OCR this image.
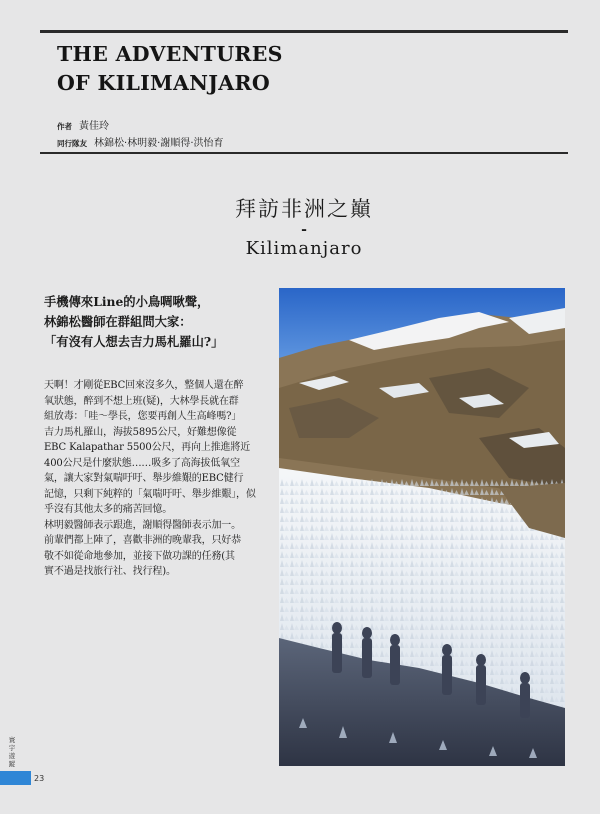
THE ADVENTURES
OF KILIMANJARO
作者 黃佳玲
同行隊友 林錦松‧林明毅‧謝順得‧洪怡育
拜訪非洲之巔
-
Kilimanjaro
手機傳來Line的小鳥啁啾聲，
林錦松醫師在群組問大家：
「有沒有人想去吉力馬札羅山?」
天啊！才剛從EBC回來沒多久，整個人還在醉
氧狀態，醉到不想上班(疑)，大林學長就在群
組放毒：「哇～學長，您要再創人生高峰嗎?」
吉力馬札羅山，海拔5895公尺，好難想像從
EBC Kalapathar 5500公尺，再向上推進將近
400公尺是什麼狀態……吸多了高海拔低氧空
氣，讓大家對氣喘吁吁、舉步維艱的EBC健行
記憶，只剩下純粹的「氣喘吁吁、舉步維艱」，似
乎沒有其他太多的痛苦回憶。
林明毅醫師表示跟進，謝順得醫師表示加一。
前輩們都上陣了，喜歡非洲的晚輩我，只好恭
敬不如從命地參加，並接下做功課的任務(其
實不過是找旅行社、找行程)。
寰
宇
遊
蹤
23
